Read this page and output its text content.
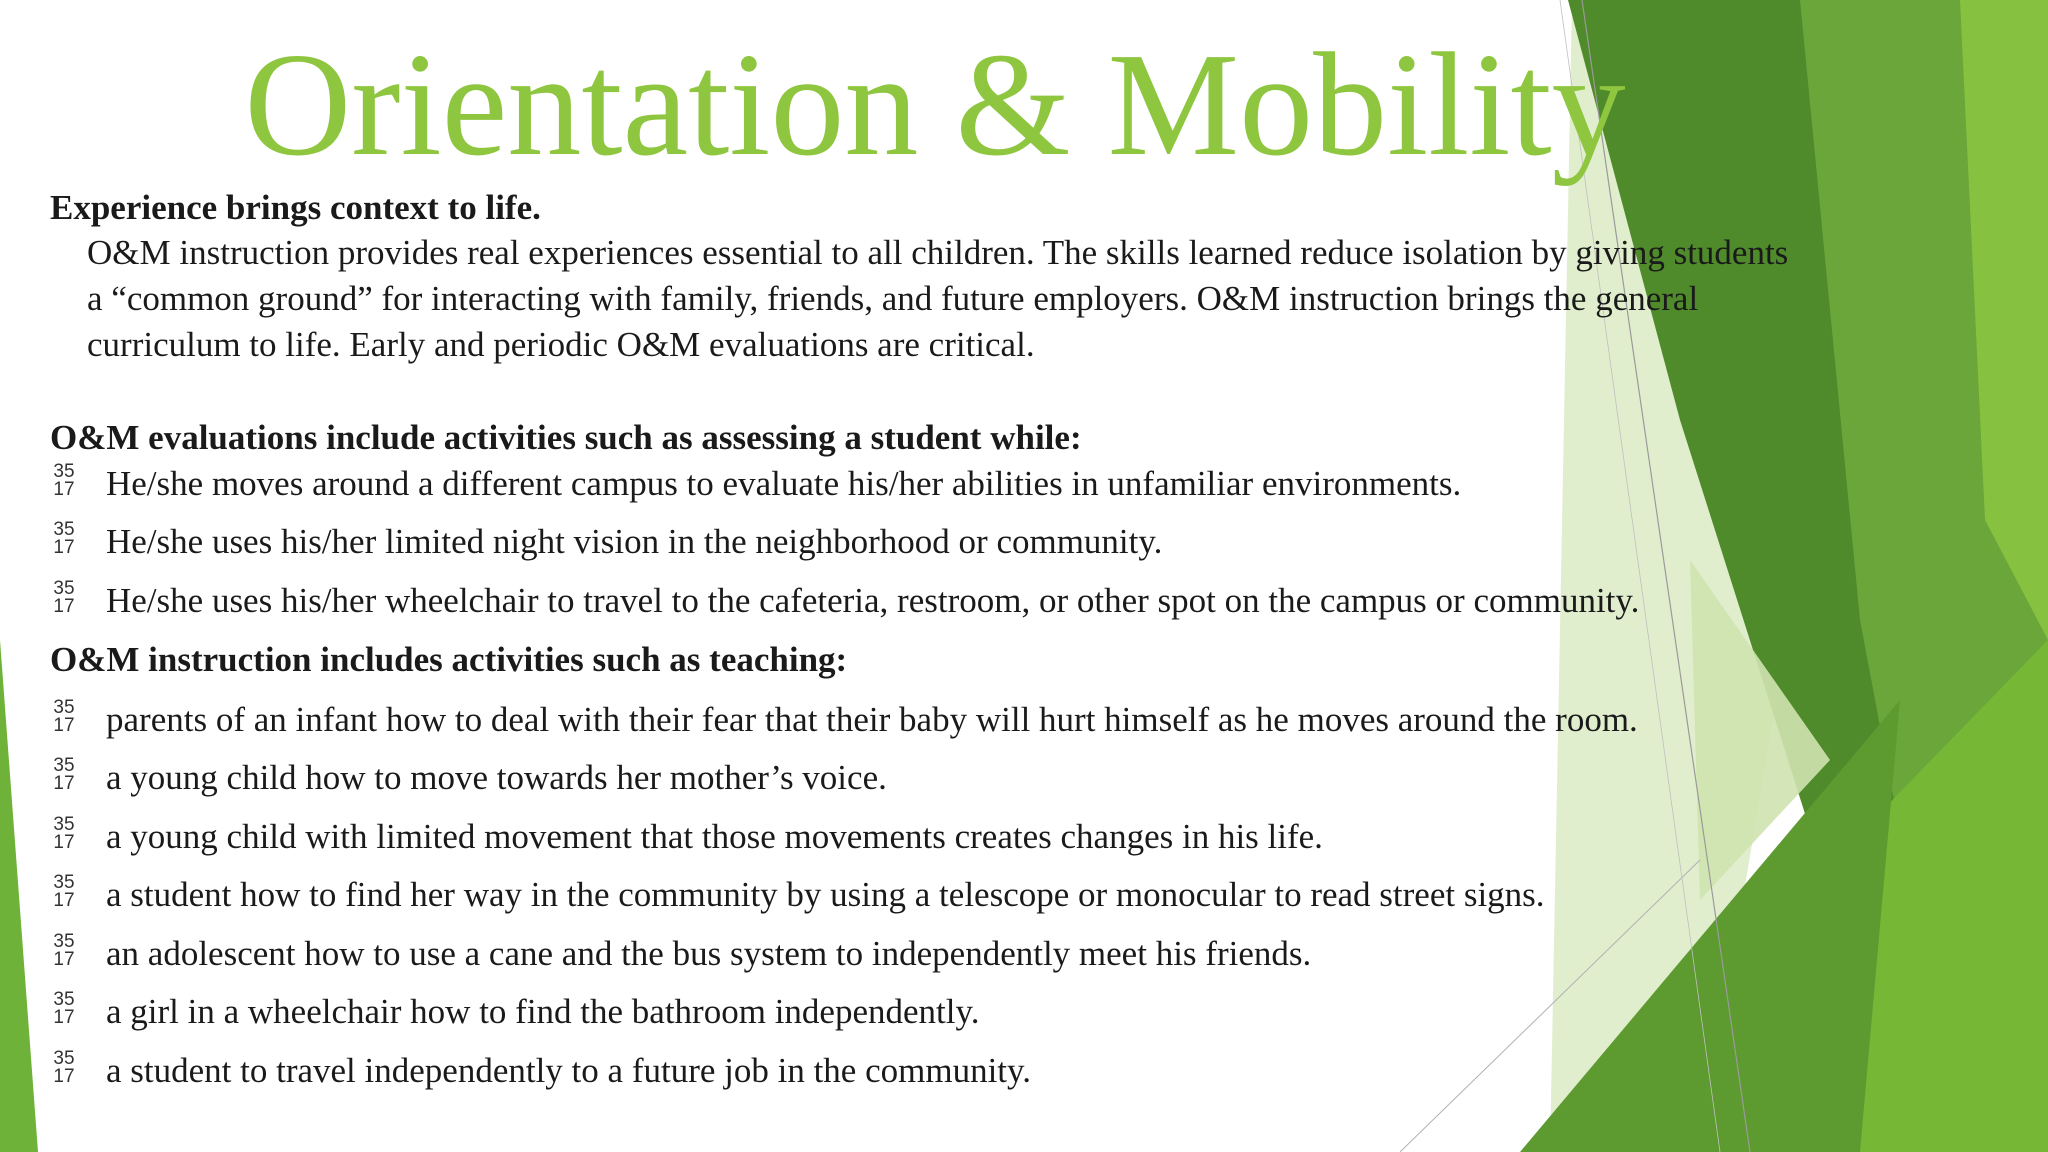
Orientation & Mobility
Experience brings context to life.
O&M instruction provides real experiences essential to all children. The skills learned reduce isolation by giving students
a “common ground” for interacting with family, friends, and future employers. O&M instruction brings the general
curriculum to life. Early and periodic O&M evaluations are critical.
O&M evaluations include activities such as assessing a student while:
35
17 He/she moves around a different campus to evaluate his/her abilities in unfamiliar environments.
35
17 He/she uses his/her limited night vision in the neighborhood or community.
35
17 He/she uses his/her wheelchair to travel to the cafeteria, restroom, or other spot on the campus or community.
O&M instruction includes activities such as teaching:
35
17 parents of an infant how to deal with their fear that their baby will hurt himself as he moves around the room.
35
17 a young child how to move towards her mother’s voice.
35
17 a young child with limited movement that those movements creates changes in his life.
35
17 a student how to find her way in the community by using a telescope or monocular to read street signs.
35
17 an adolescent how to use a cane and the bus system to independently meet his friends.
35
17 a girl in a wheelchair how to find the bathroom independently.
35
17 a student to travel independently to a future job in the community.
